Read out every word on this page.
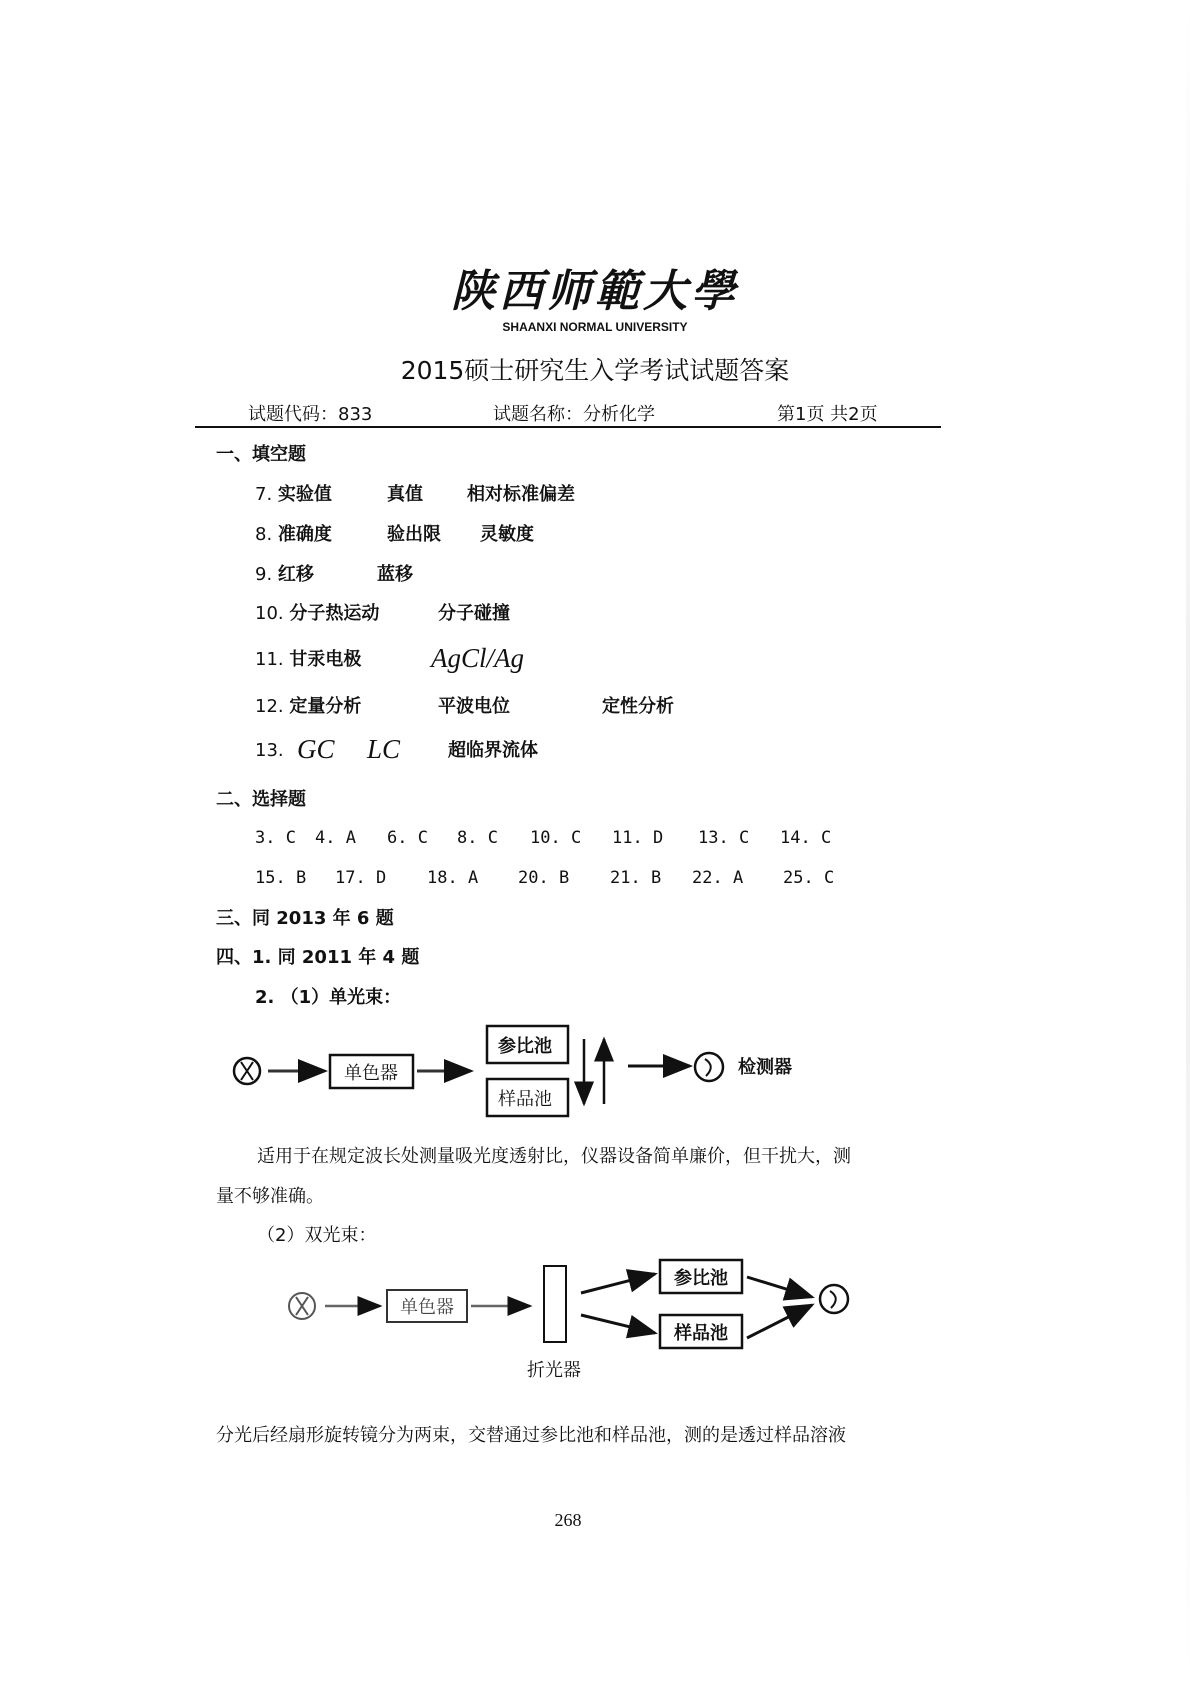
陕西师範大學
SHAANXI NORMAL UNIVERSITY
2015硕士研究生入学考试试题答案
试题代码：833	试题名称：分析化学	第1页 共2页
一、填空题
7. 实验值	真值 相对标准偏差
8. 准确度	验出限 灵敏度
9. 红移	蓝移
10. 分子热运动	分子碰撞
11. 甘汞电极	AgCl/Ag
12. 定量分析	平波电位	定性分析
13. GC LC	超临界流体
二、选择题
3. C 4. A 6. C 8. C 10. C 11. D 13. C 14. C
15. B 17. D 18. A 20. B 21. B 22. A 25. C
三、同 2013 年 6 题
四、1. 同 2011 年 4 题
2. （1）单光束：
单色器
参比池
样品池
检测器
单色器
参比池
样品池
折光器
适用于在规定波长处测量吸光度透射比，仪器设备简单廉价，但干扰大，测
量不够准确。
（2）双光束：
分光后经扇形旋转镜分为两束，交替通过参比池和样品池，测的是透过样品溶液
268
